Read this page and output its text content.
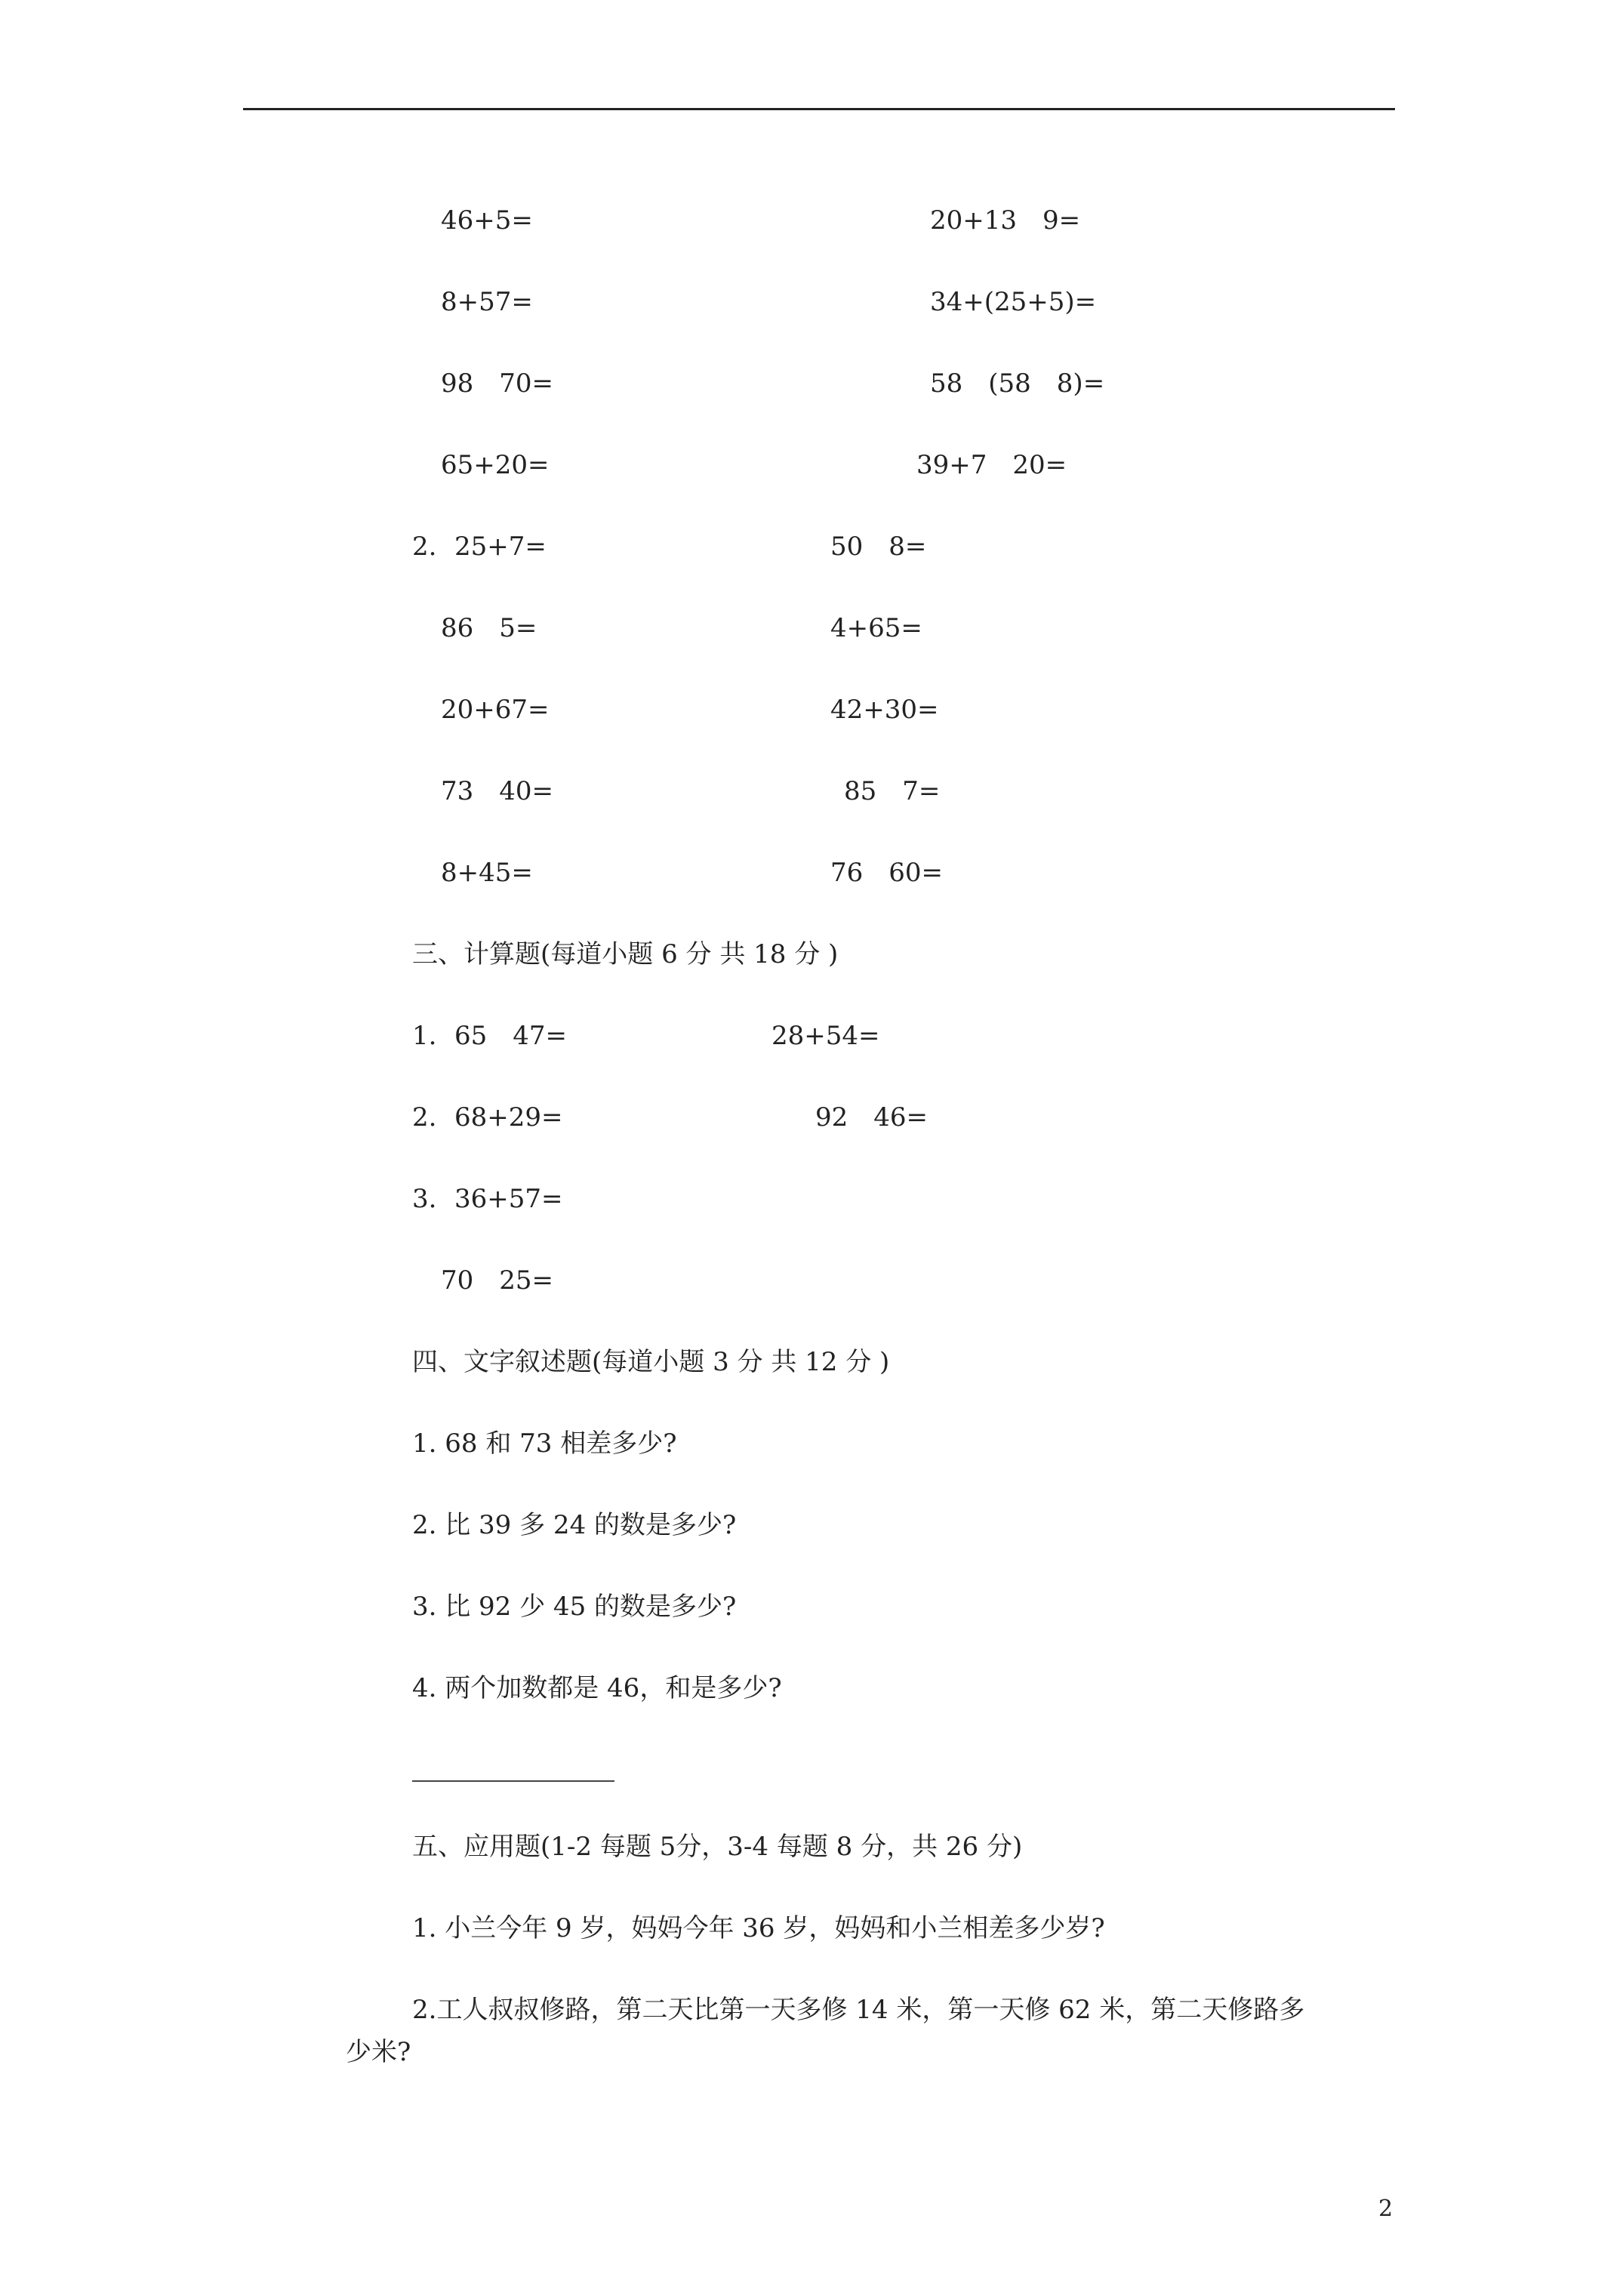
46+5=
8+57=
98　70=
65+20=
20+13　9=
34+(25+5)=
58　(58　8)=
39+7　20=
2. 25+7=
86　5=
20+67=
73　40=
8+45=
50　8=
4+65=
42+30=
85　7=
76　60=
三、计算题(每道小题 6 分 共 18 分 )
1. 65　47=	28+54=
2. 68+29=	92　46=
3. 36+57=
70　25=
四、文字叙述题(每道小题 3 分 共 12 分 )
1. 68 和 73 相差多少?
2. 比 39 多 24 的数是多少?
3. 比 92 少 45 的数是多少?
4. 两个加数都是 46，和是多少?
五、应用题(1-2 每题 5分，3-4 每题 8 分，共 26 分)
1. 小兰今年 9 岁，妈妈今年 36 岁，妈妈和小兰相差多少岁?
2.工人叔叔修路，第二天比第一天多修 14 米，第一天修 62 米，第二天修路多
少米?
2
